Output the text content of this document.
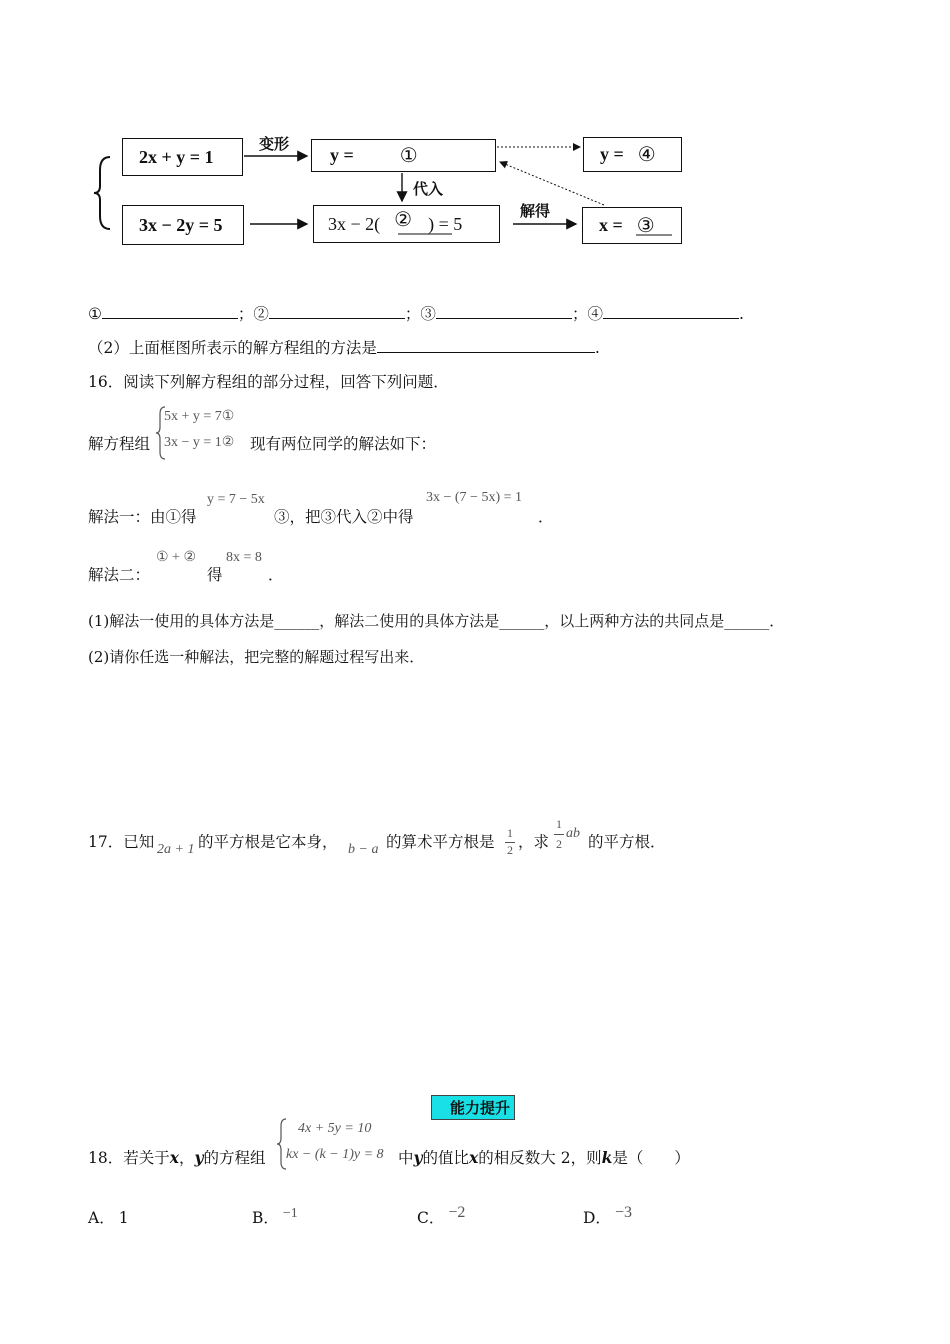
2x + y = 1
3x − 2y = 5
y = ①
3x − 2( ② ) = 5
y = ④
x = ③
变形
代入
解得
①	；②	；③	；④	.
（2）上面框图所表示的解方程组的方法是	.
16．阅读下列解方程组的部分过程，回答下列问题．
解方程组
5x + y = 7①
3x − y = 1② 现有两位同学的解法如下：
解法一：由①得
y = 7 − 5x
③，把③代入②中得
3x − (7 − 5x) = 1
．
解法二：
① + ②
得
8x = 8
．
(1)解法一使用的具体方法是______，解法二使用的具体方法是______，以上两种方法的共同点是______．
(2)请你任选一种解法，把完整的解题过程写出来．
17．已知 2a + 1 的平方根是它本身， b − a 的算术平方根是 1
2 ，求
1
2
ab 的平方根．
能力提升
18．若关于x，y的方程组
4x + 5y = 10
kx − (k − 1)y = 8 中y的值比x的相反数大 2，则k是（　　）
A． 1	B． −1	C． −2	D． −3
